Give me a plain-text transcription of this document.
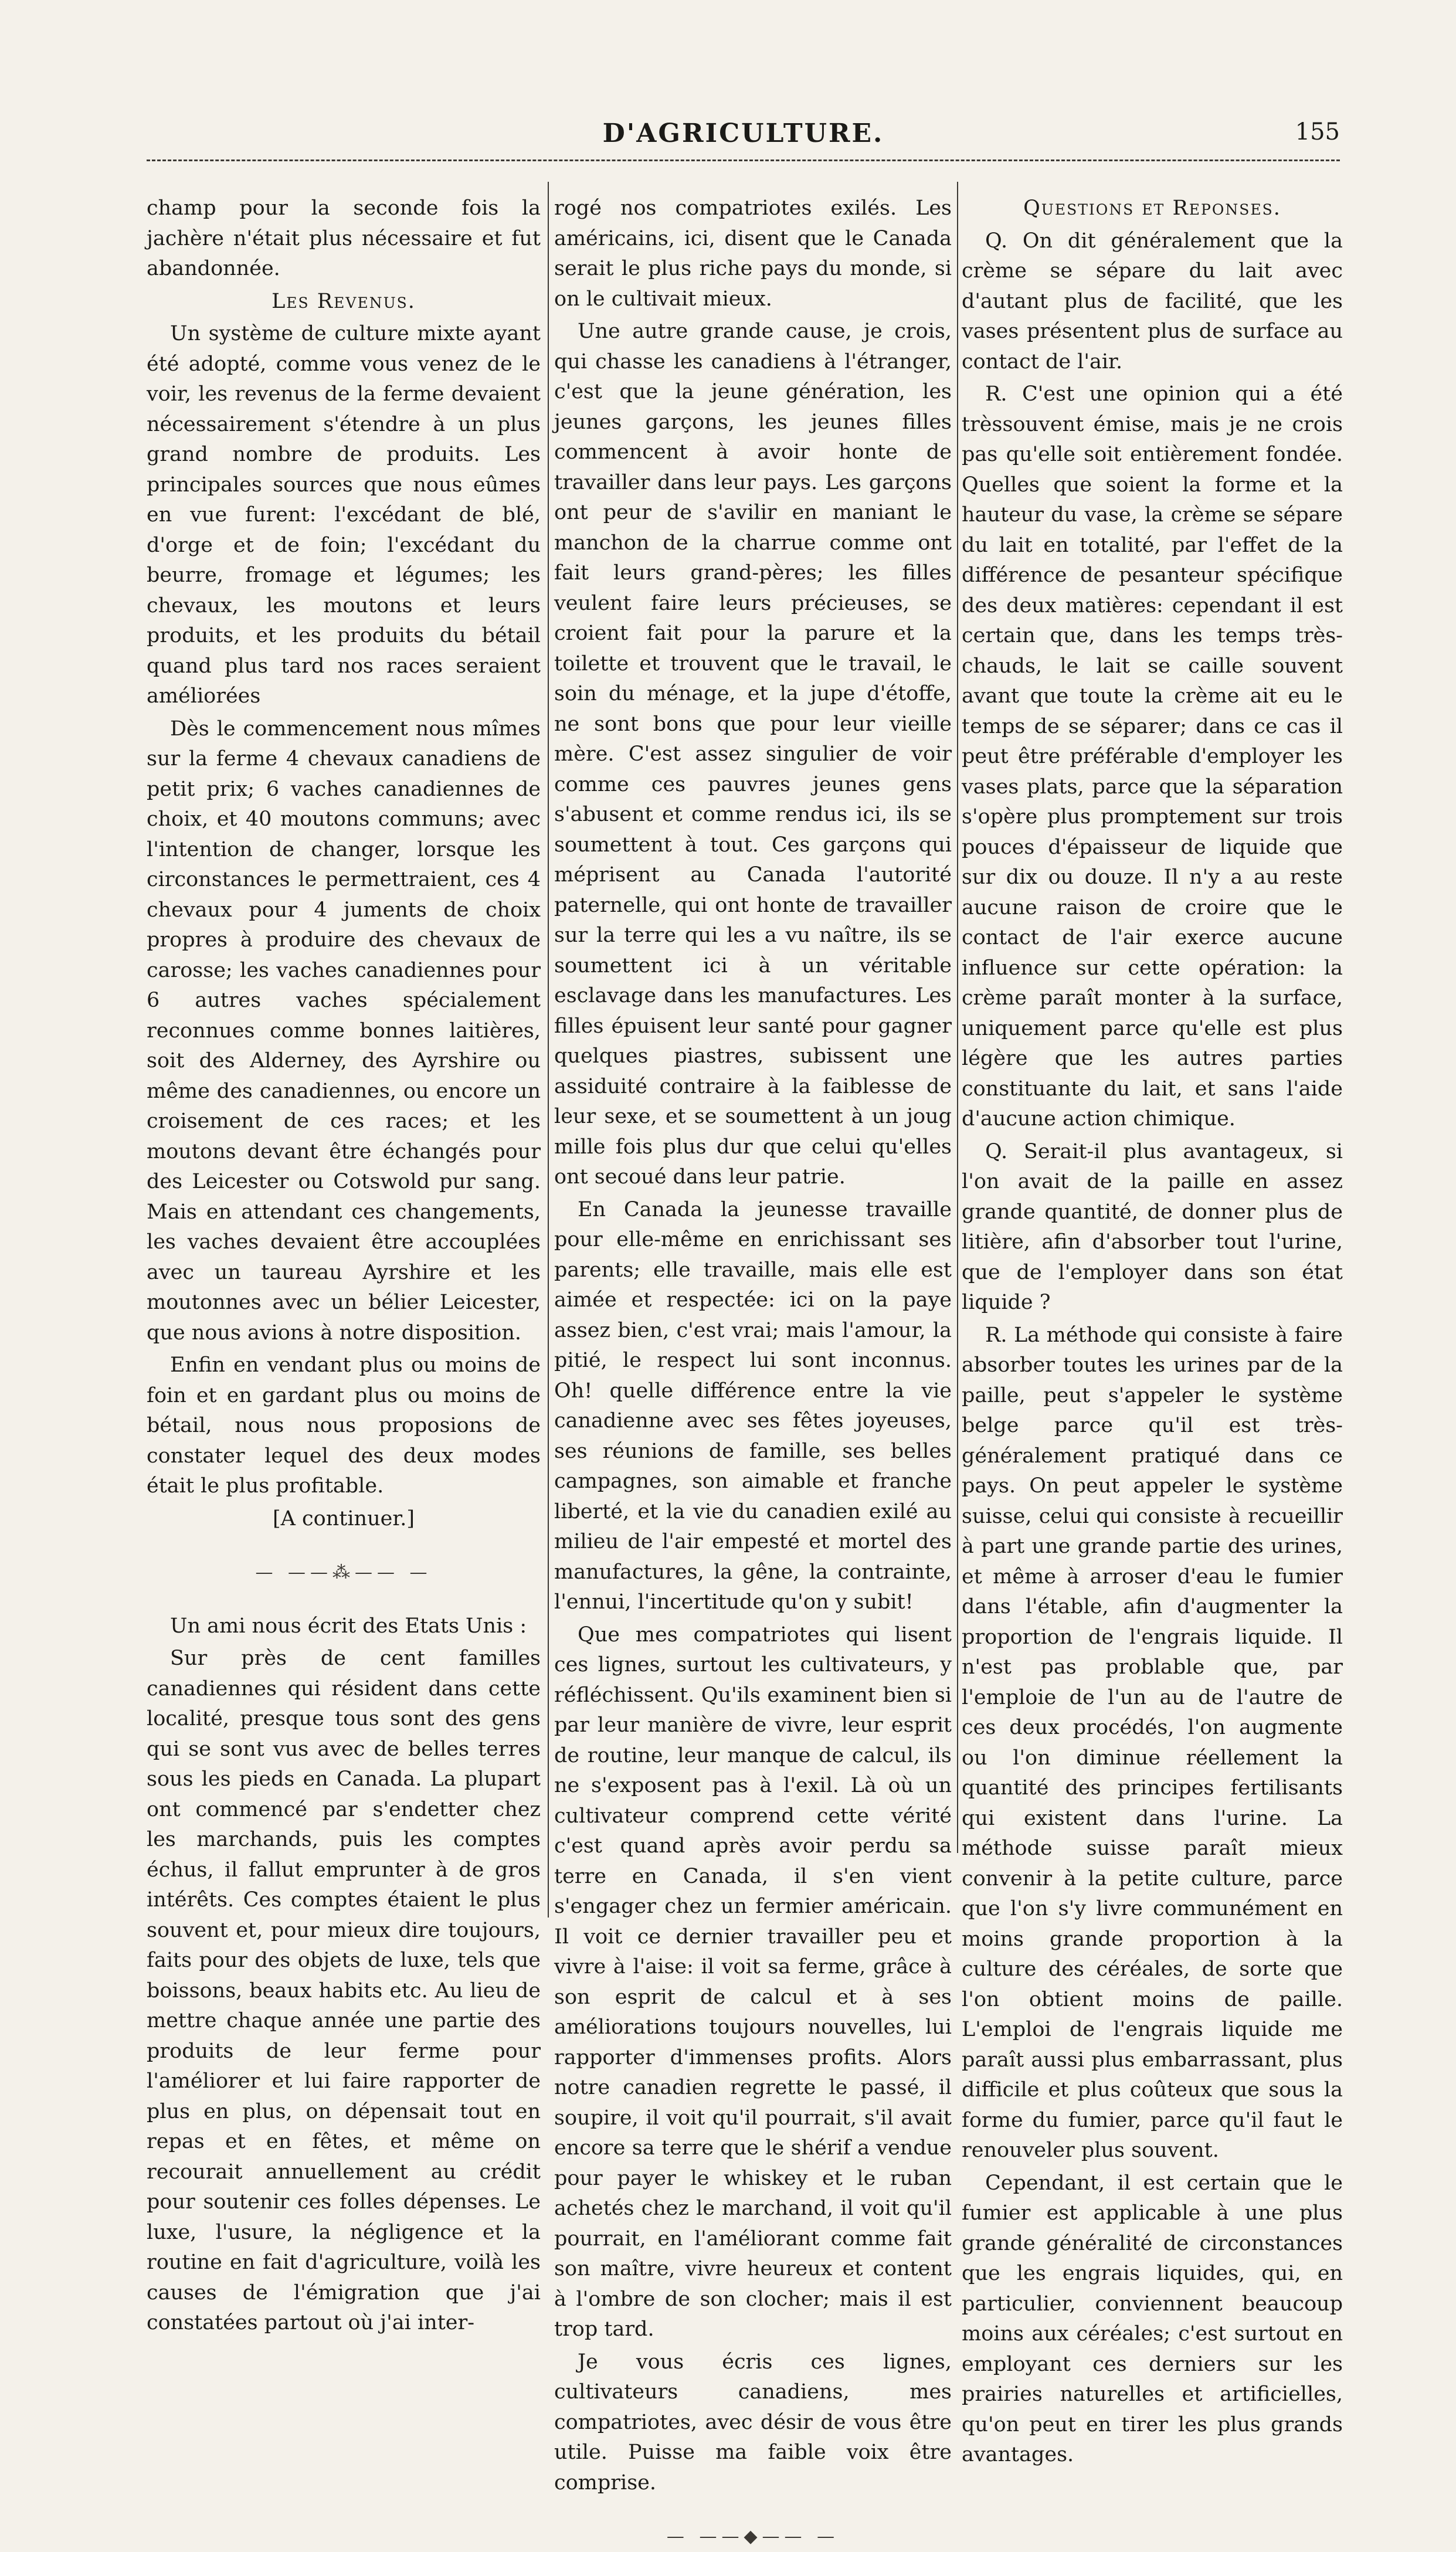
D'AGRICULTURE.	155

champ pour la seconde fois la jachère n'était plus nécessaire et fut abandonnée.

Les Revenus.

Un système de culture mixte ayant été adopté, comme vous venez de le voir, les revenus de la ferme devaient nécessairement s'étendre à un plus grand nombre de produits. Les principales sources que nous eûmes en vue furent: l'excédant de blé, d'orge et de foin; l'excédant du beurre, fromage et légumes; les chevaux, les moutons et leurs produits, et les produits du bétail quand plus tard nos races seraient améliorées

Dès le commencement nous mîmes sur la ferme 4 chevaux canadiens de petit prix; 6 vaches canadiennes de choix, et 40 moutons communs; avec l'intention de changer, lorsque les circonstances le permettraient, ces 4 chevaux pour 4 juments de choix propres à produire des chevaux de carosse; les vaches canadiennes pour 6 autres vaches spécialement reconnues comme bonnes laitières, soit des Alderney, des Ayrshire ou même des canadiennes, ou encore un croisement de ces races; et les moutons devant être échangés pour des Leicester ou Cotswold pur sang. Mais en attendant ces changements, les vaches devaient être accouplées avec un taureau Ayrshire et les moutonnes avec un bélier Leicester, que nous avions à notre disposition.

Enfin en vendant plus ou moins de foin et en gardant plus ou moins de bétail, nous nous proposions de constater lequel des deux modes était le plus profitable.

[A continuer.]

— ——⁂—— —

Un ami nous écrit des Etats Unis :

Sur près de cent familles canadiennes qui résident dans cette localité, presque tous sont des gens qui se sont vus avec de belles terres sous les pieds en Canada. La plupart ont commencé par s'endetter chez les marchands, puis les comptes échus, il fallut emprunter à de gros intérêts. Ces comptes étaient le plus souvent et, pour mieux dire toujours, faits pour des objets de luxe, tels que boissons, beaux habits etc. Au lieu de mettre chaque année une partie des produits de leur ferme pour l'améliorer et lui faire rapporter de plus en plus, on dépensait tout en repas et en fêtes, et même on recourait annuellement au crédit pour soutenir ces folles dépenses. Le luxe, l'usure, la négligence et la routine en fait d'agriculture, voilà les causes de l'émigration que j'ai constatées partout où j'ai inter-

rogé nos compatriotes exilés. Les américains, ici, disent que le Canada serait le plus riche pays du monde, si on le cultivait mieux.

Une autre grande cause, je crois, qui chasse les canadiens à l'étranger, c'est que la jeune génération, les jeunes garçons, les jeunes filles commencent à avoir honte de travailler dans leur pays. Les garçons ont peur de s'avilir en maniant le manchon de la charrue comme ont fait leurs grand-pères; les filles veulent faire leurs précieuses, se croient fait pour la parure et la toilette et trouvent que le travail, le soin du ménage, et la jupe d'étoffe, ne sont bons que pour leur vieille mère. C'est assez singulier de voir comme ces pauvres jeunes gens s'abusent et comme rendus ici, ils se soumettent à tout. Ces garçons qui méprisent au Canada l'autorité paternelle, qui ont honte de travailler sur la terre qui les a vu naître, ils se soumettent ici à un véritable esclavage dans les manufactures. Les filles épuisent leur santé pour gagner quelques piastres, subissent une assiduité contraire à la faiblesse de leur sexe, et se soumettent à un joug mille fois plus dur que celui qu'elles ont secoué dans leur patrie.

En Canada la jeunesse travaille pour elle-même en enrichissant ses parents; elle travaille, mais elle est aimée et respectée: ici on la paye assez bien, c'est vrai; mais l'amour, la pitié, le respect lui sont inconnus. Oh! quelle différence entre la vie canadienne avec ses fêtes joyeuses, ses réunions de famille, ses belles campagnes, son aimable et franche liberté, et la vie du canadien exilé au milieu de l'air empesté et mortel des manufactures, la gêne, la contrainte, l'ennui, l'incertitude qu'on y subit!

Que mes compatriotes qui lisent ces lignes, surtout les cultivateurs, y réfléchissent. Qu'ils examinent bien si par leur manière de vivre, leur esprit de routine, leur manque de calcul, ils ne s'exposent pas à l'exil. Là où un cultivateur comprend cette vérité c'est quand après avoir perdu sa terre en Canada, il s'en vient s'engager chez un fermier américain. Il voit ce dernier travailler peu et vivre à l'aise: il voit sa ferme, grâce à son esprit de calcul et à ses améliorations toujours nouvelles, lui rapporter d'immenses profits. Alors notre canadien regrette le passé, il soupire, il voit qu'il pourrait, s'il avait encore sa terre que le shérif a vendue pour payer le whiskey et le ruban achetés chez le marchand, il voit qu'il pourrait, en l'améliorant comme fait son maître, vivre heureux et content à l'ombre de son clocher; mais il est trop tard.

Je vous écris ces lignes, cultivateurs canadiens, mes compatriotes, avec désir de vous être utile. Puisse ma faible voix être comprise.

— ——◆—— —

Questions et Reponses.

Q. On dit généralement que la crème se sépare du lait avec d'autant plus de facilité, que les vases présentent plus de surface au contact de l'air.

R. C'est une opinion qui a été trèssouvent émise, mais je ne crois pas qu'elle soit entièrement fondée. Quelles que soient la forme et la hauteur du vase, la crème se sépare du lait en totalité, par l'effet de la différence de pesanteur spécifique des deux matières: cependant il est certain que, dans les temps très-chauds, le lait se caille souvent avant que toute la crème ait eu le temps de se séparer; dans ce cas il peut être préférable d'employer les vases plats, parce que la séparation s'opère plus promptement sur trois pouces d'épaisseur de liquide que sur dix ou douze. Il n'y a au reste aucune raison de croire que le contact de l'air exerce aucune influence sur cette opération: la crème paraît monter à la surface, uniquement parce qu'elle est plus légère que les autres parties constituante du lait, et sans l'aide d'aucune action chimique.

Q. Serait-il plus avantageux, si l'on avait de la paille en assez grande quantité, de donner plus de litière, afin d'absorber tout l'urine, que de l'employer dans son état liquide ?

R. La méthode qui consiste à faire absorber toutes les urines par de la paille, peut s'appeler le système belge parce qu'il est très-généralement pratiqué dans ce pays. On peut appeler le système suisse, celui qui consiste à recueillir à part une grande partie des urines, et même à arroser d'eau le fumier dans l'étable, afin d'augmenter la proportion de l'engrais liquide. Il n'est pas problable que, par l'emploie de l'un au de l'autre de ces deux procédés, l'on augmente ou l'on diminue réellement la quantité des principes fertilisants qui existent dans l'urine. La méthode suisse paraît mieux convenir à la petite culture, parce que l'on s'y livre communément en moins grande proportion à la culture des céréales, de sorte que l'on obtient moins de paille. L'emploi de l'engrais liquide me paraît aussi plus embarrassant, plus difficile et plus coûteux que sous la forme du fumier, parce qu'il faut le renouveler plus souvent.

Cependant, il est certain que le fumier est applicable à une plus grande généralité de circonstances que les engrais liquides, qui, en particulier, conviennent beaucoup moins aux céréales; c'est surtout en employant ces derniers sur les prairies naturelles et artificielles, qu'on peut en tirer les plus grands avantages.
